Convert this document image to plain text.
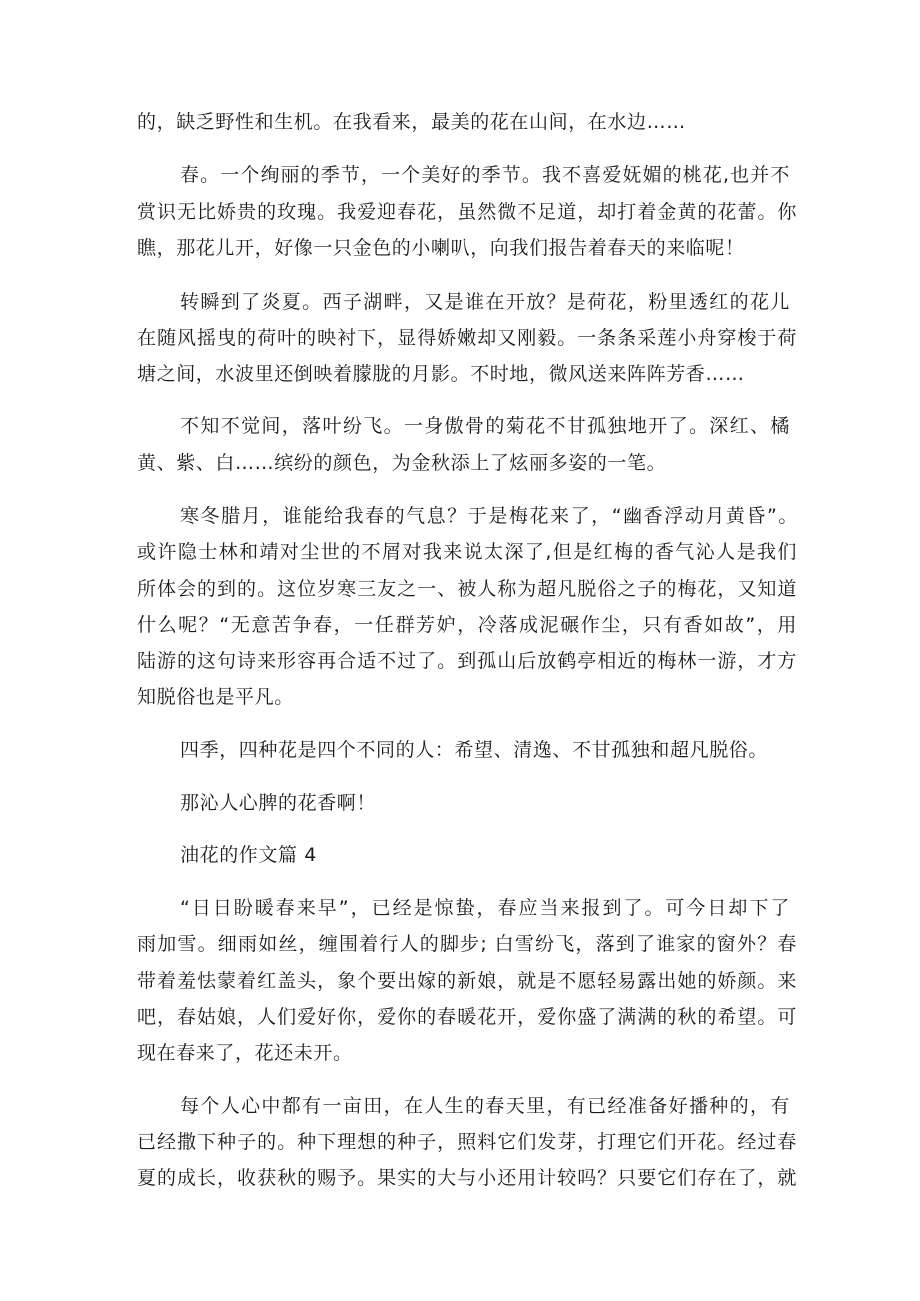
的，缺乏野性和生机。在我看来，最美的花在山间，在水边……
春。一个绚丽的季节，一个美好的季节。我不喜爱妩媚的桃花,也并不
赏识无比娇贵的玫瑰。我爱迎春花，虽然微不足道，却打着金黄的花蕾。你
瞧，那花儿开，好像一只金色的小喇叭，向我们报告着春天的来临呢！
转瞬到了炎夏。西子湖畔，又是谁在开放？是荷花，粉里透红的花儿
在随风摇曳的荷叶的映衬下，显得娇嫩却又刚毅。一条条采莲小舟穿梭于荷
塘之间，水波里还倒映着朦胧的月影。不时地，微风送来阵阵芳香……
不知不觉间，落叶纷飞。一身傲骨的菊花不甘孤独地开了。深红、橘
黄、紫、白……缤纷的颜色，为金秋添上了炫丽多姿的一笔。
寒冬腊月，谁能给我春的气息？于是梅花来了，“幽香浮动月黄昏”。
或许隐士林和靖对尘世的不屑对我来说太深了,但是红梅的香气沁人是我们
所体会的到的。这位岁寒三友之一、被人称为超凡脱俗之子的梅花，又知道
什么呢？“无意苦争春，一任群芳妒，冷落成泥碾作尘，只有香如故”，用
陆游的这句诗来形容再合适不过了。到孤山后放鹤亭相近的梅林一游，才方
知脱俗也是平凡。
四季，四种花是四个不同的人：希望、清逸、不甘孤独和超凡脱俗。
那沁人心脾的花香啊！
油花的作文篇 4
“日日盼暖春来早”，已经是惊蛰，春应当来报到了。可今日却下了
雨加雪。细雨如丝，缠围着行人的脚步; 白雪纷飞，落到了谁家的窗外？春
带着羞怯蒙着红盖头，象个要出嫁的新娘，就是不愿轻易露出她的娇颜。来
吧，春姑娘，人们爱好你，爱你的春暖花开，爱你盛了满满的秋的希望。可
现在春来了，花还未开。
每个人心中都有一亩田，在人生的春天里，有已经准备好播种的，有
已经撒下种子的。种下理想的种子，照料它们发芽，打理它们开花。经过春
夏的成长，收获秋的赐予。果实的大与小还用计较吗？只要它们存在了，就
